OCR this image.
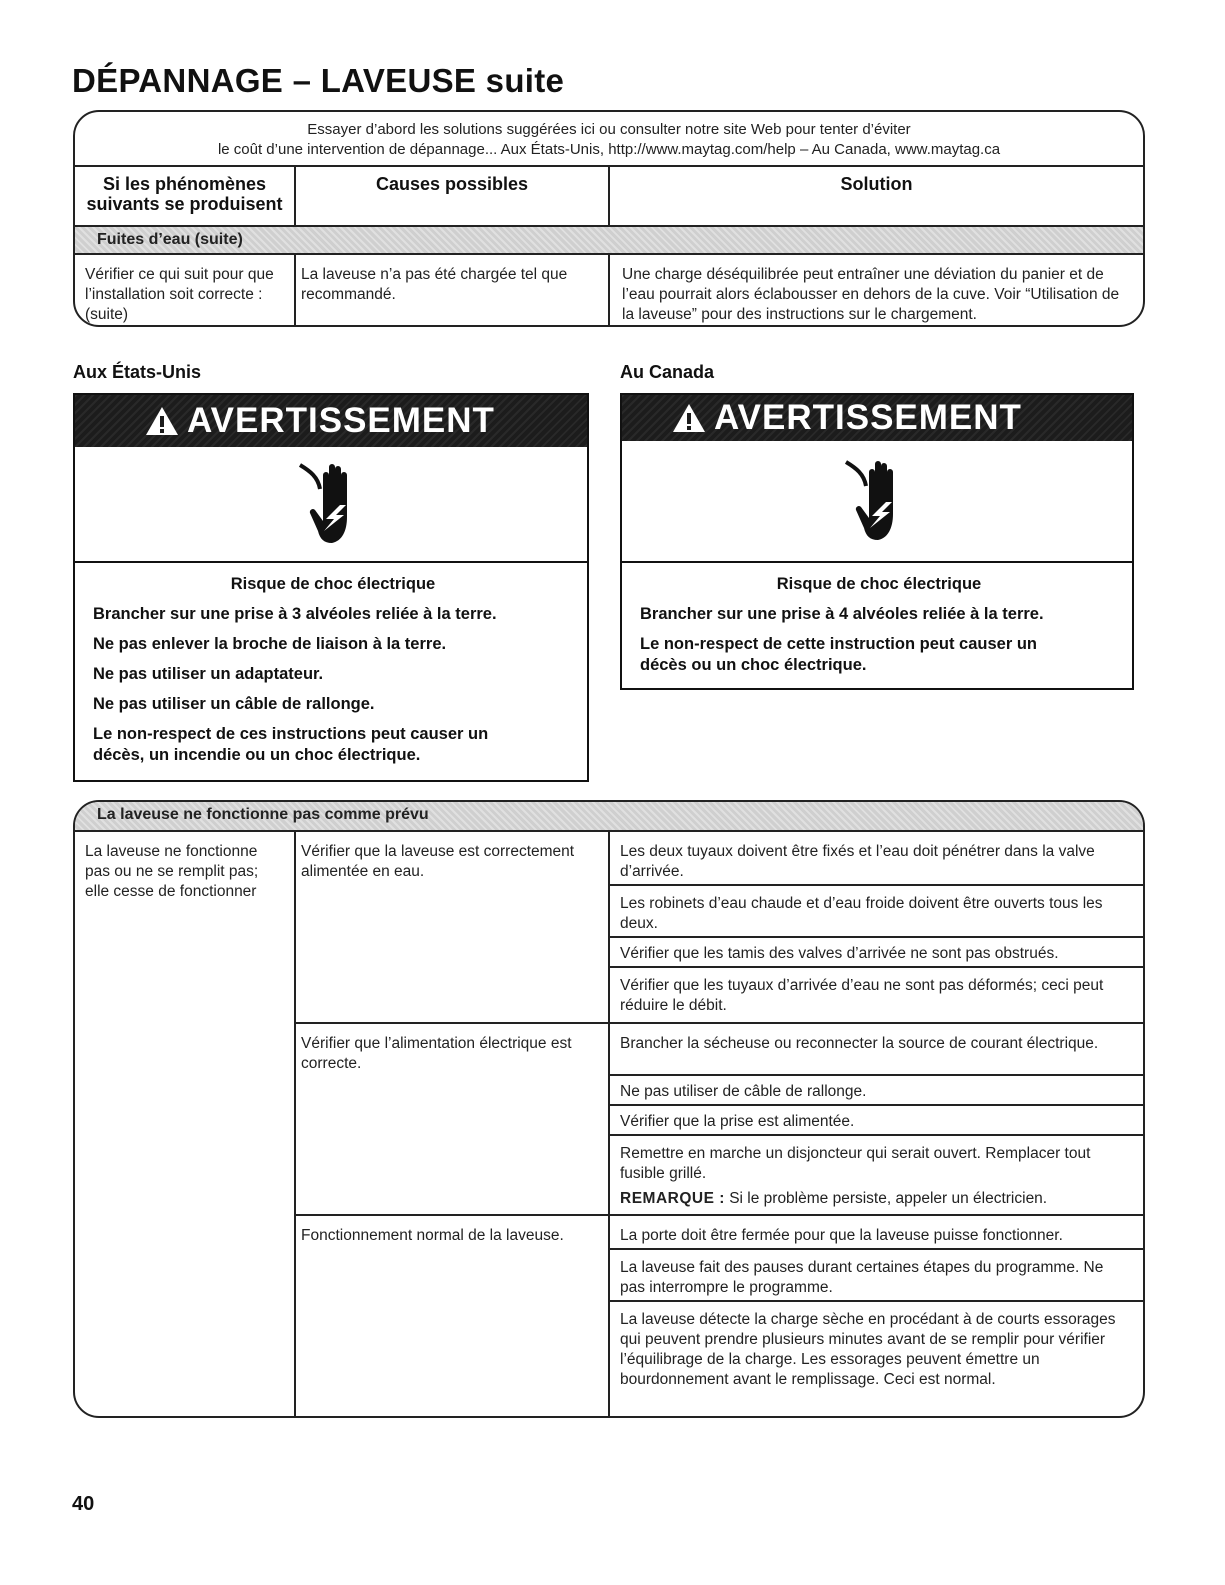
DÉPANNAGE – LAVEUSE suite
Essayer d’abord les solutions suggérées ici ou consulter notre site Web pour tenter d’éviter
le coût d’une intervention de dépannage... Aux États-Unis, http://www.maytag.com/help – Au Canada, www.maytag.ca
Si les phénomènes
suivants se produisent
Causes possibles	Solution
Fuites d’eau (suite)
Vérifier ce qui suit pour que l’installation soit correcte : (suite)
La laveuse n’a pas été chargée tel que recommandé.
Une charge déséquilibrée peut entraîner une déviation du panier et de l’eau pourrait alors éclabousser en dehors de la cuve. Voir “Utilisation de la laveuse” pour des instructions sur le chargement.
Aux États-Unis	Au Canada
AVERTISSEMENT
Risque de choc électrique
Brancher sur une prise à 3 alvéoles reliée à la terre.
Ne pas enlever la broche de liaison à la terre.
Ne pas utiliser un adaptateur.
Ne pas utiliser un câble de rallonge.
Le non-respect de ces instructions peut causer un décès, un incendie ou un choc électrique.
AVERTISSEMENT
Risque de choc électrique
Brancher sur une prise à 4 alvéoles reliée à la terre.
Le non-respect de cette instruction peut causer un décès ou un choc électrique.
La laveuse ne fonctionne pas comme prévu
La laveuse ne fonctionne pas ou ne se remplit pas; elle cesse de fonctionner
Vérifier que la laveuse est correctement alimentée en eau.
Vérifier que l’alimentation électrique est correcte.
Fonctionnement normal de la laveuse.
Les deux tuyaux doivent être fixés et l’eau doit pénétrer dans la valve d’arrivée.
Les robinets d’eau chaude et d’eau froide doivent être ouverts tous les deux.
Vérifier que les tamis des valves d’arrivée ne sont pas obstrués.
Vérifier que les tuyaux d’arrivée d’eau ne sont pas déformés; ceci peut réduire le débit.
Brancher la sécheuse ou reconnecter la source de courant électrique.
Ne pas utiliser de câble de rallonge.
Vérifier que la prise est alimentée.
Remettre en marche un disjoncteur qui serait ouvert. Remplacer tout fusible grillé.
REMARQUE : Si le problème persiste, appeler un électricien.
La porte doit être fermée pour que la laveuse puisse fonctionner.
La laveuse fait des pauses durant certaines étapes du programme. Ne pas interrompre le programme.
La laveuse détecte la charge sèche en procédant à de courts essorages qui peuvent prendre plusieurs minutes avant de se remplir pour vérifier l’équilibrage de la charge. Les essorages peuvent émettre un bourdonnement avant le remplissage. Ceci est normal.
40
